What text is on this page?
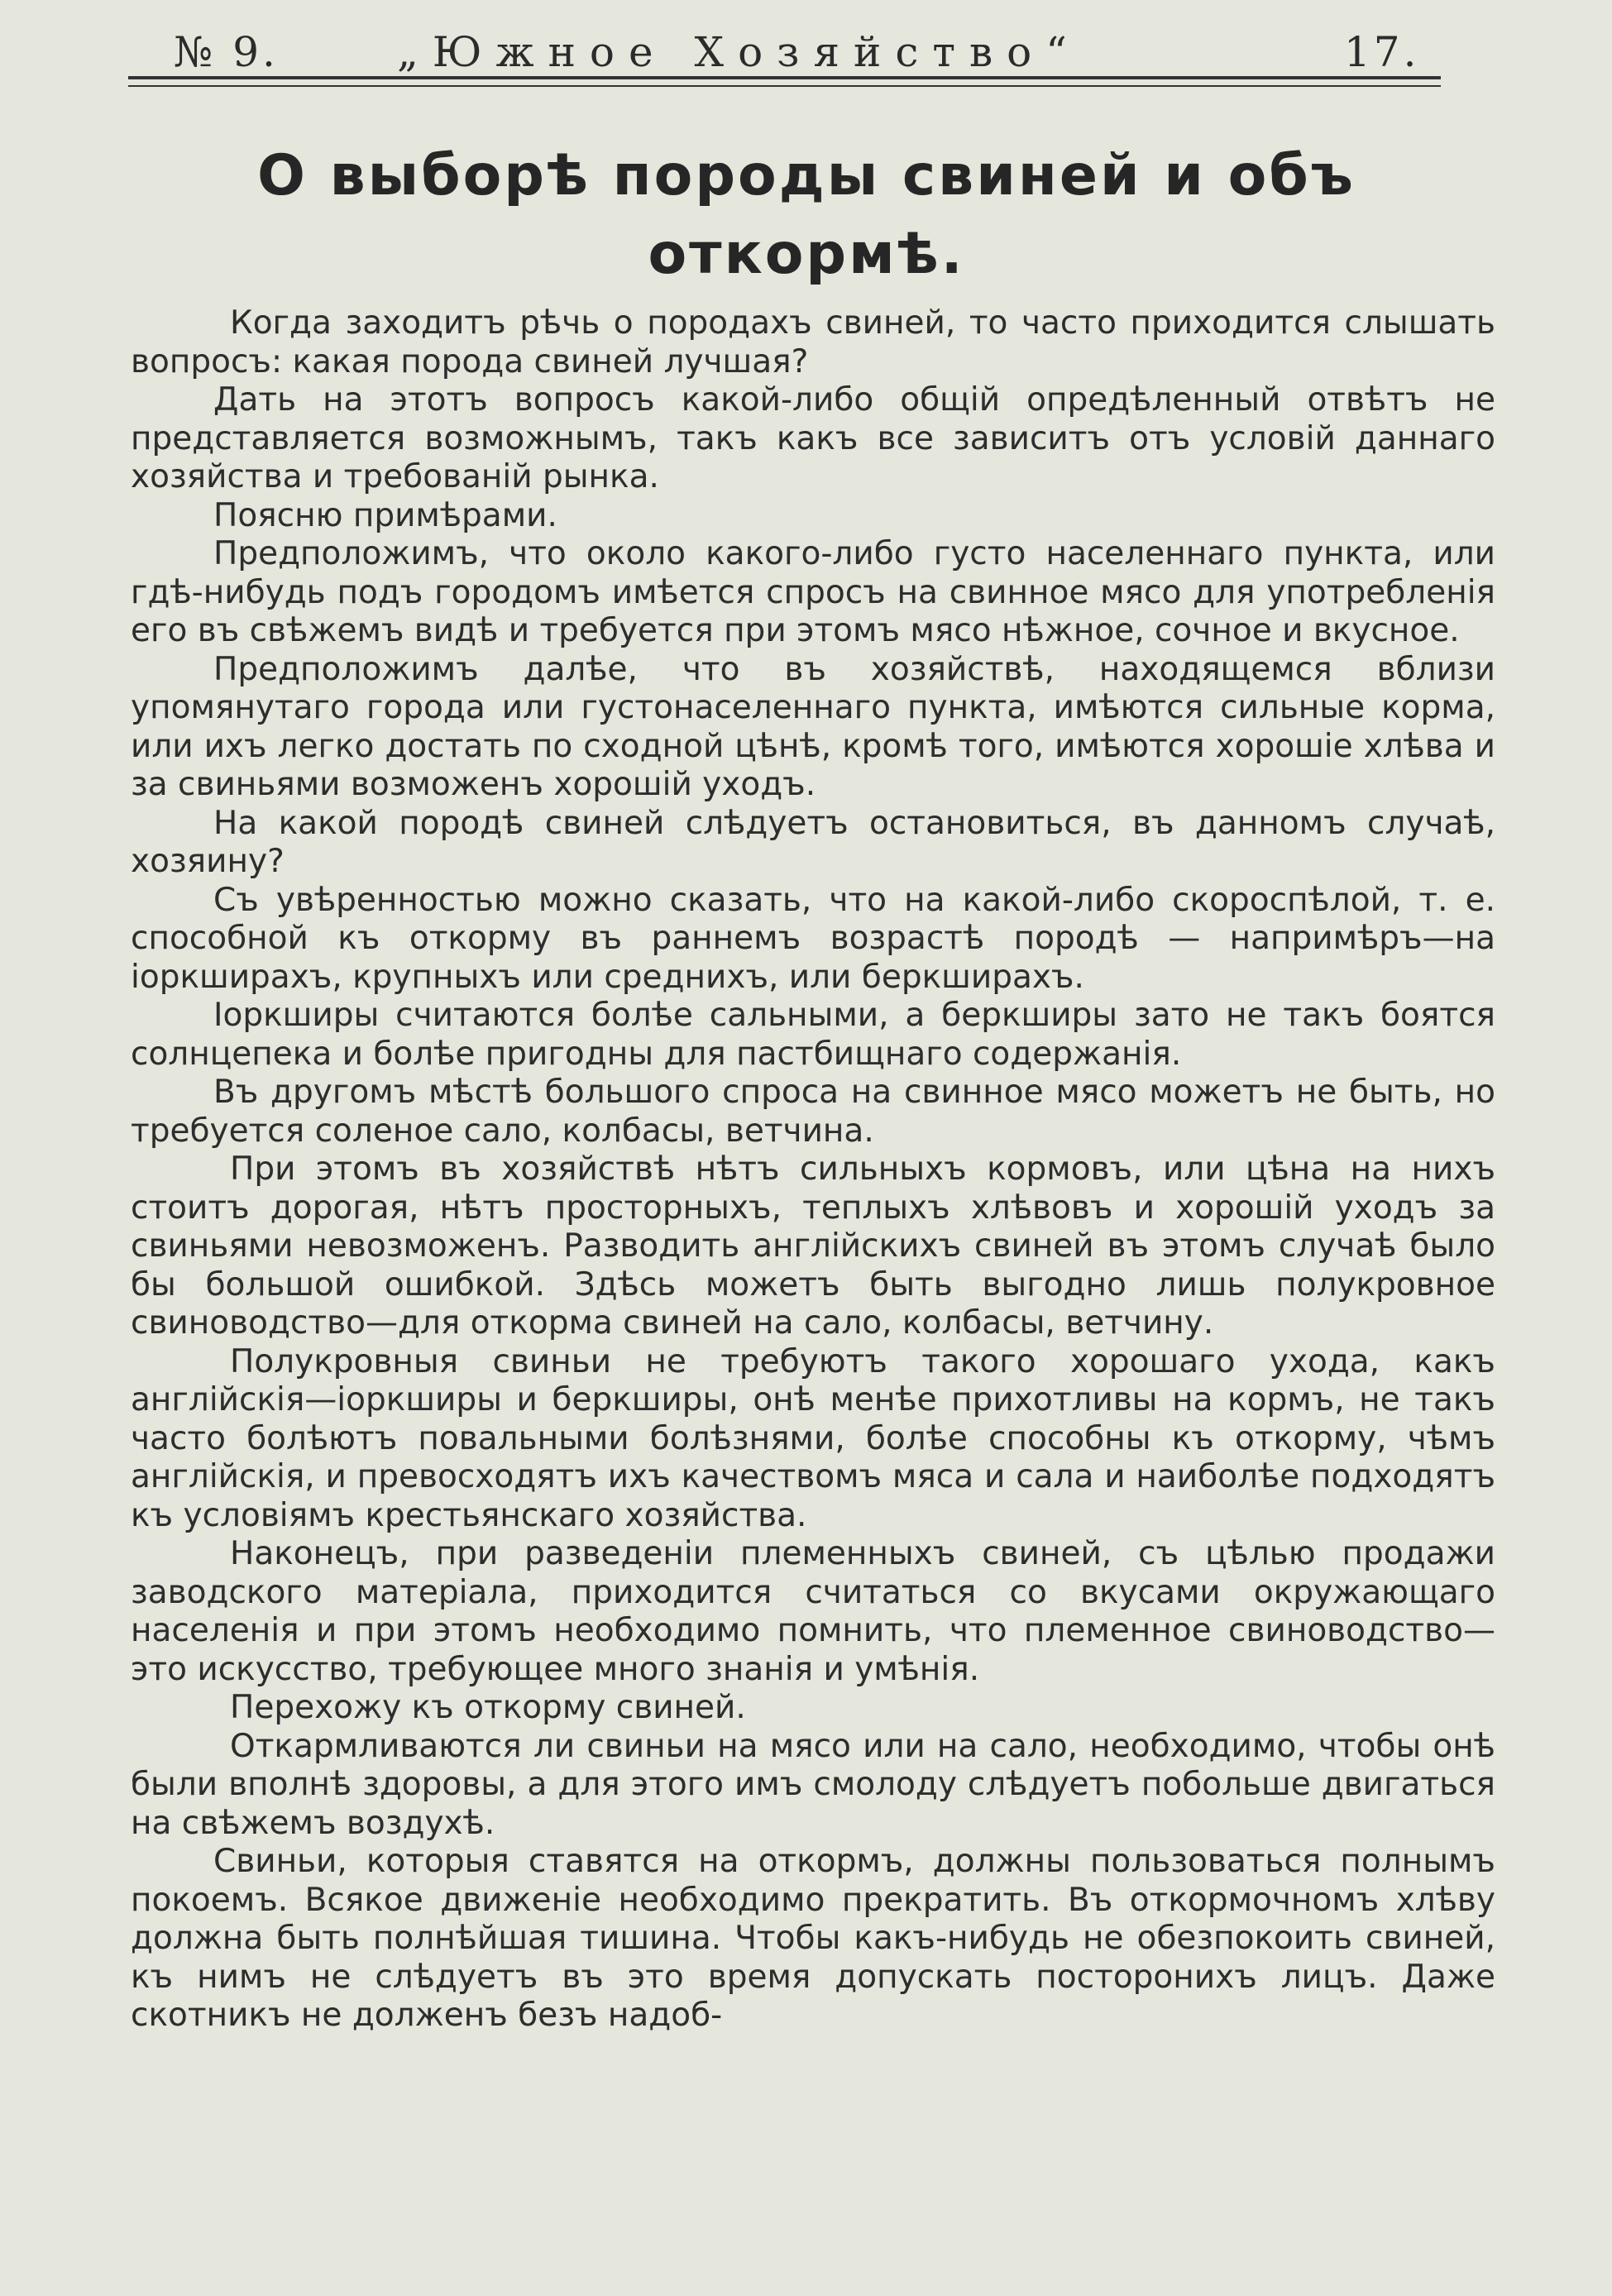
№ 9.	„Южное Хозяйство“	17.
О выборѣ породы свиней и объ откормѣ.

Когда заходитъ рѣчь о породахъ свиней, то часто приходится слышать вопросъ: какая порода свиней лучшая?

Дать на этотъ вопросъ какой-либо общій опредѣленный отвѣтъ не представляется возможнымъ, такъ какъ все зависитъ отъ условій даннаго хозяйства и требованій рынка.

Поясню примѣрами.

Предположимъ, что около какого-либо густо населеннаго пункта, или гдѣ-нибудь подъ городомъ имѣется спросъ на свинное мясо для употребленія его въ свѣжемъ видѣ и требуется при этомъ мясо нѣжное, сочное и вкусное.

Предположимъ далѣе, что въ хозяйствѣ, находящемся вблизи упомянутаго города или густонаселеннаго пункта, имѣются сильные корма, или ихъ легко достать по сходной цѣнѣ, кромѣ того, имѣются хорошіе хлѣва и за свиньями возможенъ хорошій уходъ.

На какой породѣ свиней слѣдуетъ остановиться, въ данномъ случаѣ, хозяину?

Съ увѣренностью можно сказать, что на какой-либо скороспѣлой, т. е. способной къ откорму въ раннемъ возрастѣ породѣ — напримѣръ—на іоркширахъ, крупныхъ или среднихъ, или беркширахъ.

Іоркширы считаются болѣе сальными, а беркширы зато не такъ боятся солнцепека и болѣе пригодны для пастбищнаго содержанія.

Въ другомъ мѣстѣ большого спроса на свинное мясо можетъ не быть, но требуется соленое сало, колбасы, ветчина.

При этомъ въ хозяйствѣ нѣтъ сильныхъ кормовъ, или цѣна на нихъ стоитъ дорогая, нѣтъ просторныхъ, теплыхъ хлѣвовъ и хорошій уходъ за свиньями невозможенъ. Разводить англійскихъ свиней въ этомъ случаѣ было бы большой ошибкой. Здѣсь можетъ быть выгодно лишь полукровное свиноводство—для откорма свиней на сало, колбасы, ветчину.

Полукровныя свиньи не требуютъ такого хорошаго ухода, какъ англійскія—іоркширы и беркширы, онѣ менѣе прихотливы на кормъ, не такъ часто болѣютъ повальными болѣзнями, болѣе способны къ откорму, чѣмъ англійскія, и превосходятъ ихъ качествомъ мяса и сала и наиболѣе подходятъ къ условіямъ крестьянскаго хозяйства.

Наконецъ, при разведеніи племенныхъ свиней, съ цѣлью продажи заводского матеріала, приходится считаться со вкусами окружающаго населенія и при этомъ необходимо помнить, что племенное свиноводство—это искусство, требующее много знанія и умѣнія.

Перехожу къ откорму свиней.

Откармливаются ли свиньи на мясо или на сало, необходимо, чтобы онѣ были вполнѣ здоровы, а для этого имъ смолоду слѣдуетъ побольше двигаться на свѣжемъ воздухѣ.

Свиньи, которыя ставятся на откормъ, должны пользоваться полнымъ покоемъ. Всякое движеніе необходимо прекратить. Въ откормочномъ хлѣву должна быть полнѣйшая тишина. Чтобы какъ-нибудь не обезпокоить свиней, къ нимъ не слѣдуетъ въ это время допускать посторонихъ лицъ. Даже скотникъ не долженъ безъ надоб-
